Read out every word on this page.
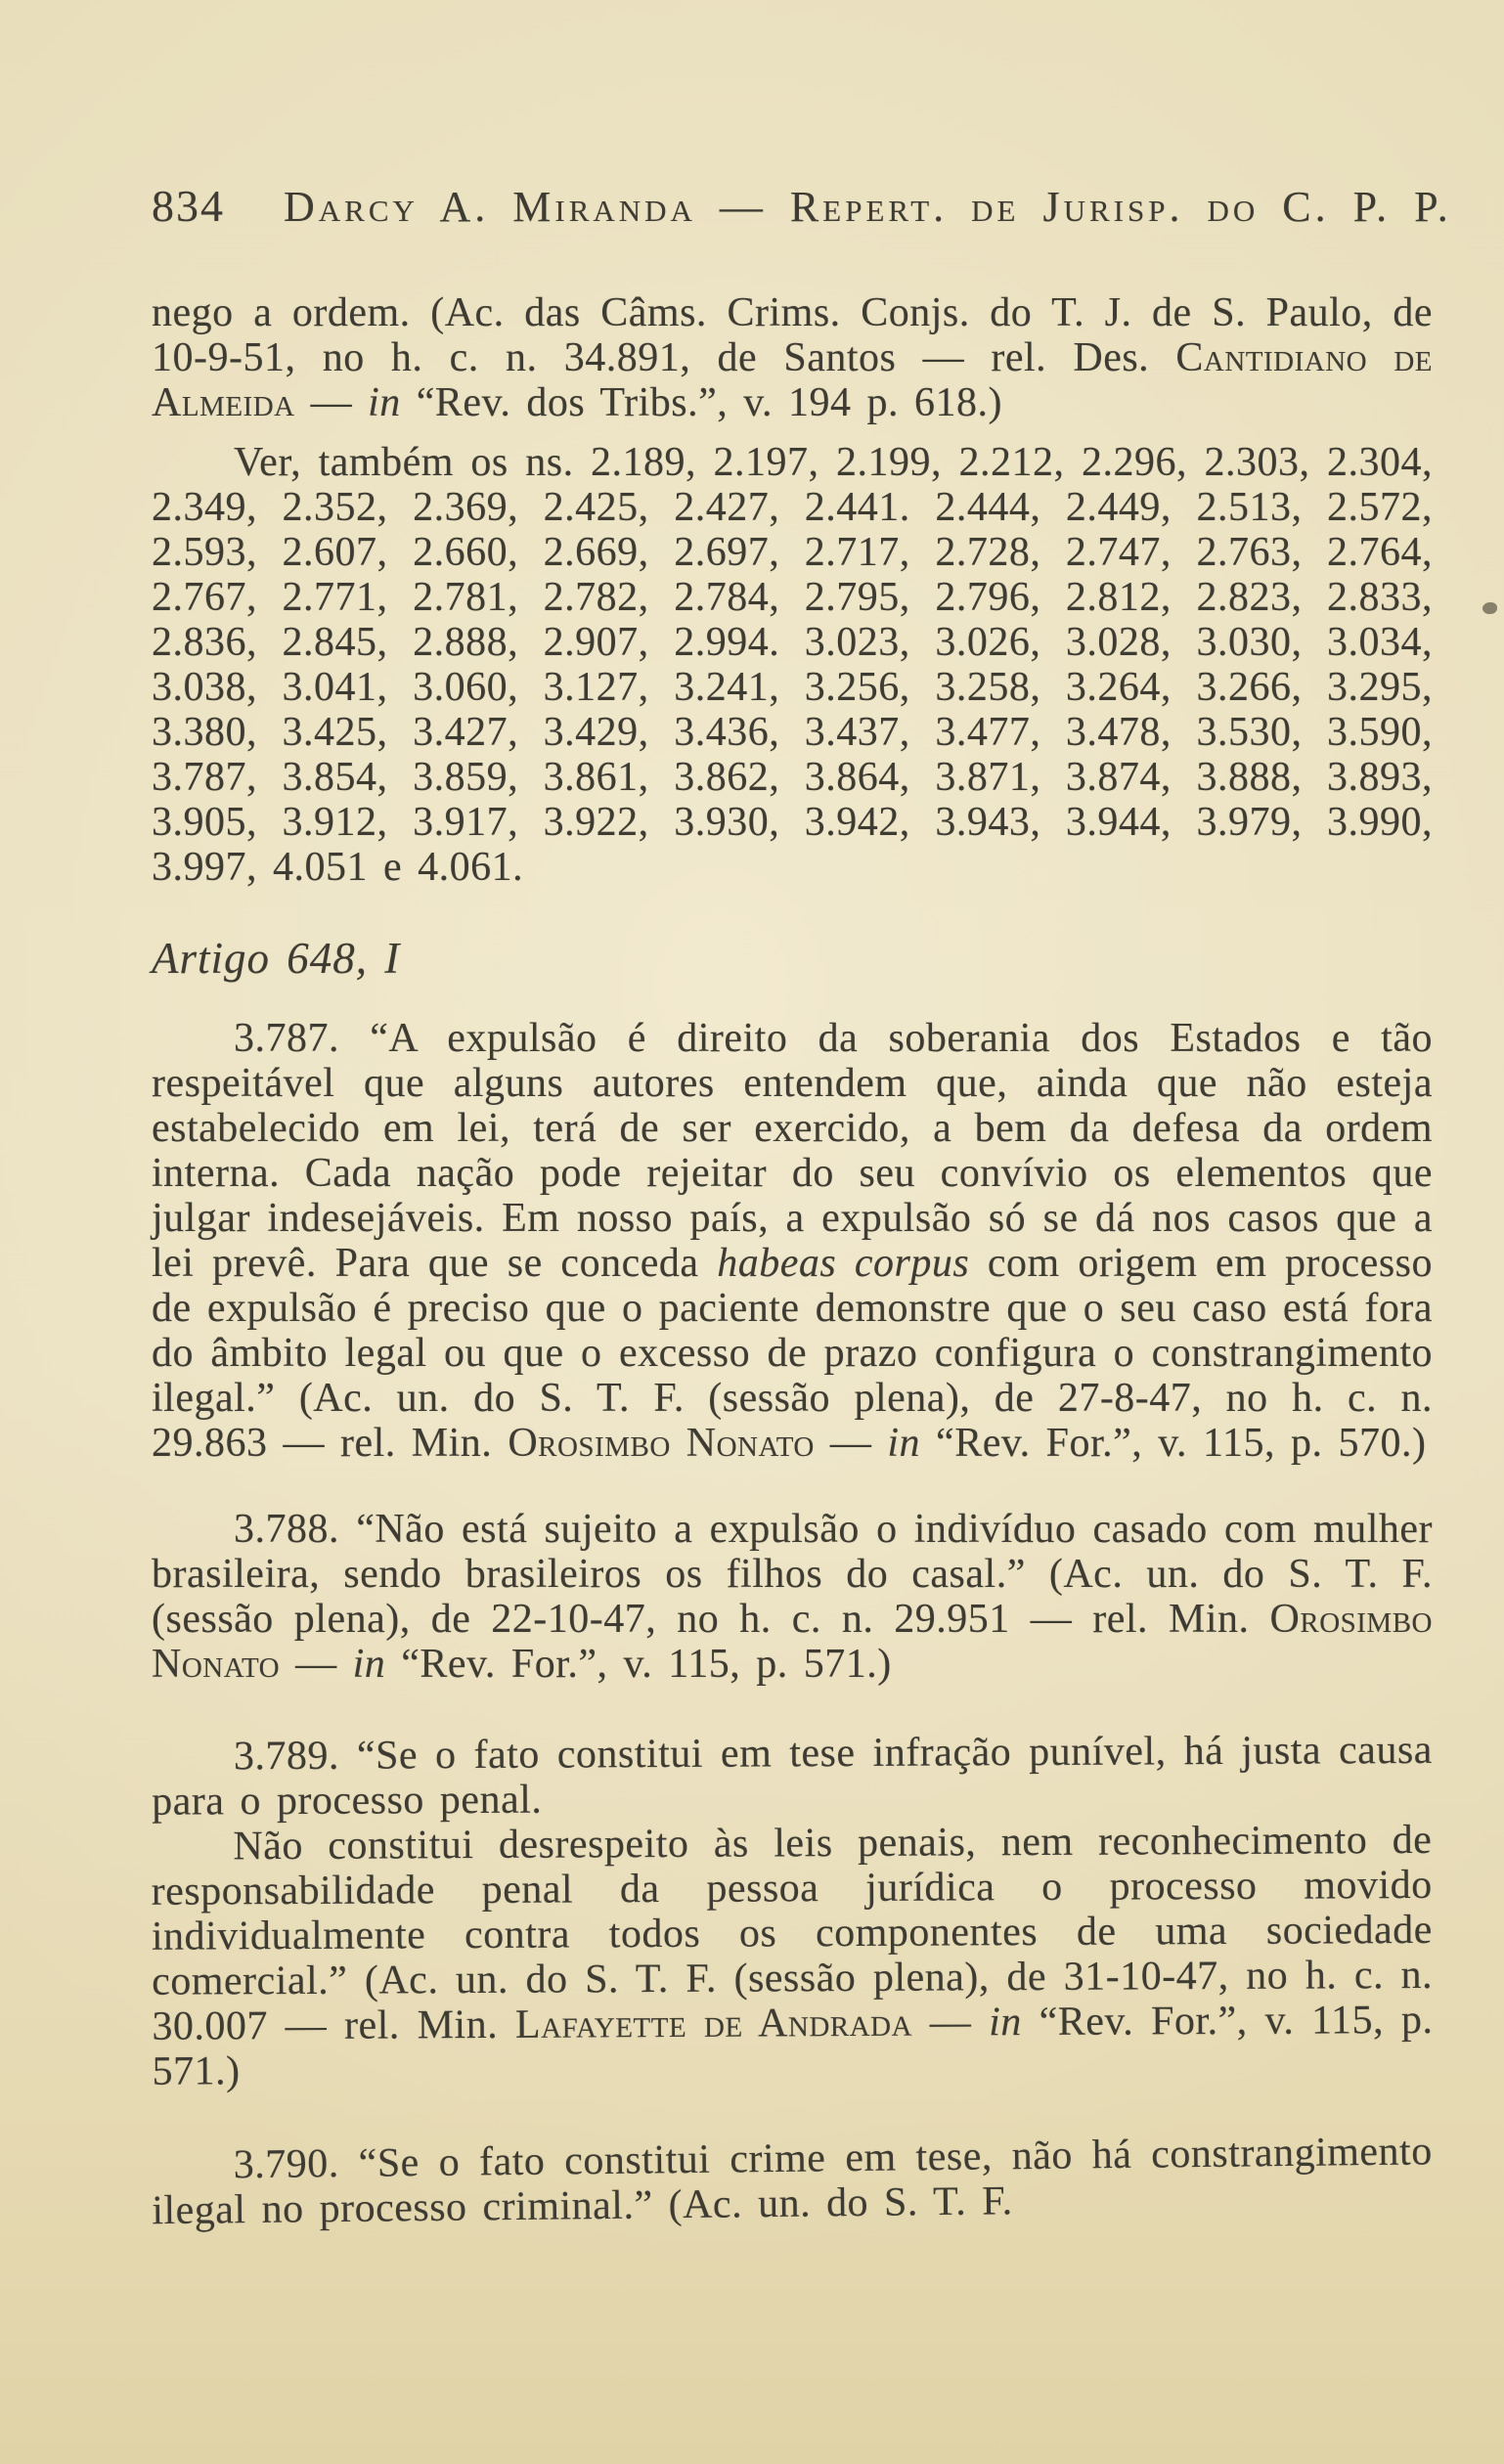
834	Darcy A. Miranda — Repert. de Jurisp. do C. P. P.

nego a ordem. (Ac. das Câms. Crims. Conjs. do T. J. de S. Paulo, de 10-9-51, no h. c. n. 34.891, de Santos — rel. Des. Cantidiano de Almeida — in “Rev. dos Tribs.”, v. 194 p. 618.)

Ver, também os ns. 2.189, 2.197, 2.199, 2.212, 2.296, 2.303, 2.304, 2.349, 2.352, 2.369, 2.425, 2.427, 2.441. 2.444, 2.449, 2.513, 2.572, 2.593, 2.607, 2.660, 2.669, 2.697, 2.717, 2.728, 2.747, 2.763, 2.764, 2.767, 2.771, 2.781, 2.782, 2.784, 2.795, 2.796, 2.812, 2.823, 2.833, 2.836, 2.845, 2.888, 2.907, 2.994. 3.023, 3.026, 3.028, 3.030, 3.034, 3.038, 3.041, 3.060, 3.127, 3.241, 3.256, 3.258, 3.264, 3.266, 3.295, 3.380, 3.425, 3.427, 3.429, 3.436, 3.437, 3.477, 3.478, 3.530, 3.590, 3.787, 3.854, 3.859, 3.861, 3.862, 3.864, 3.871, 3.874, 3.888, 3.893, 3.905, 3.912, 3.917, 3.922, 3.930, 3.942, 3.943, 3.944, 3.979, 3.990, 3.997, 4.051 e 4.061.

Artigo 648, I

3.787. “A expulsão é direito da soberania dos Estados e tão respeitável que alguns autores entendem que, ainda que não esteja estabelecido em lei, terá de ser exercido, a bem da defesa da ordem interna. Cada nação pode rejeitar do seu convívio os elementos que julgar indesejáveis. Em nosso país, a expulsão só se dá nos casos que a lei prevê. Para que se conceda habeas corpus com origem em processo de expulsão é preciso que o paciente demonstre que o seu caso está fora do âmbito legal ou que o excesso de prazo configura o constrangimento ilegal.” (Ac. un. do S. T. F. (sessão plena), de 27-8-47, no h. c. n. 29.863 — rel. Min. Orosimbo Nonato — in “Rev. For.”, v. 115, p. 570.)

3.788. “Não está sujeito a expulsão o indivíduo casado com mulher brasileira, sendo brasileiros os filhos do casal.” (Ac. un. do S. T. F. (sessão plena), de 22-10-47, no h. c. n. 29.951 — rel. Min. Orosimbo Nonato — in “Rev. For.”, v. 115, p. 571.)

3.789. “Se o fato constitui em tese infração punível, há justa causa para o processo penal.

Não constitui desrespeito às leis penais, nem reconhecimento de responsabilidade penal da pessoa jurídica o processo movido individualmente contra todos os componentes de uma sociedade comercial.” (Ac. un. do S. T. F. (sessão plena), de 31-10-47, no h. c. n. 30.007 — rel. Min. Lafayette de Andrada — in “Rev. For.”, v. 115, p. 571.)

3.790. “Se o fato constitui crime em tese, não há constrangimento ilegal no processo criminal.” (Ac. un. do S. T. F.
